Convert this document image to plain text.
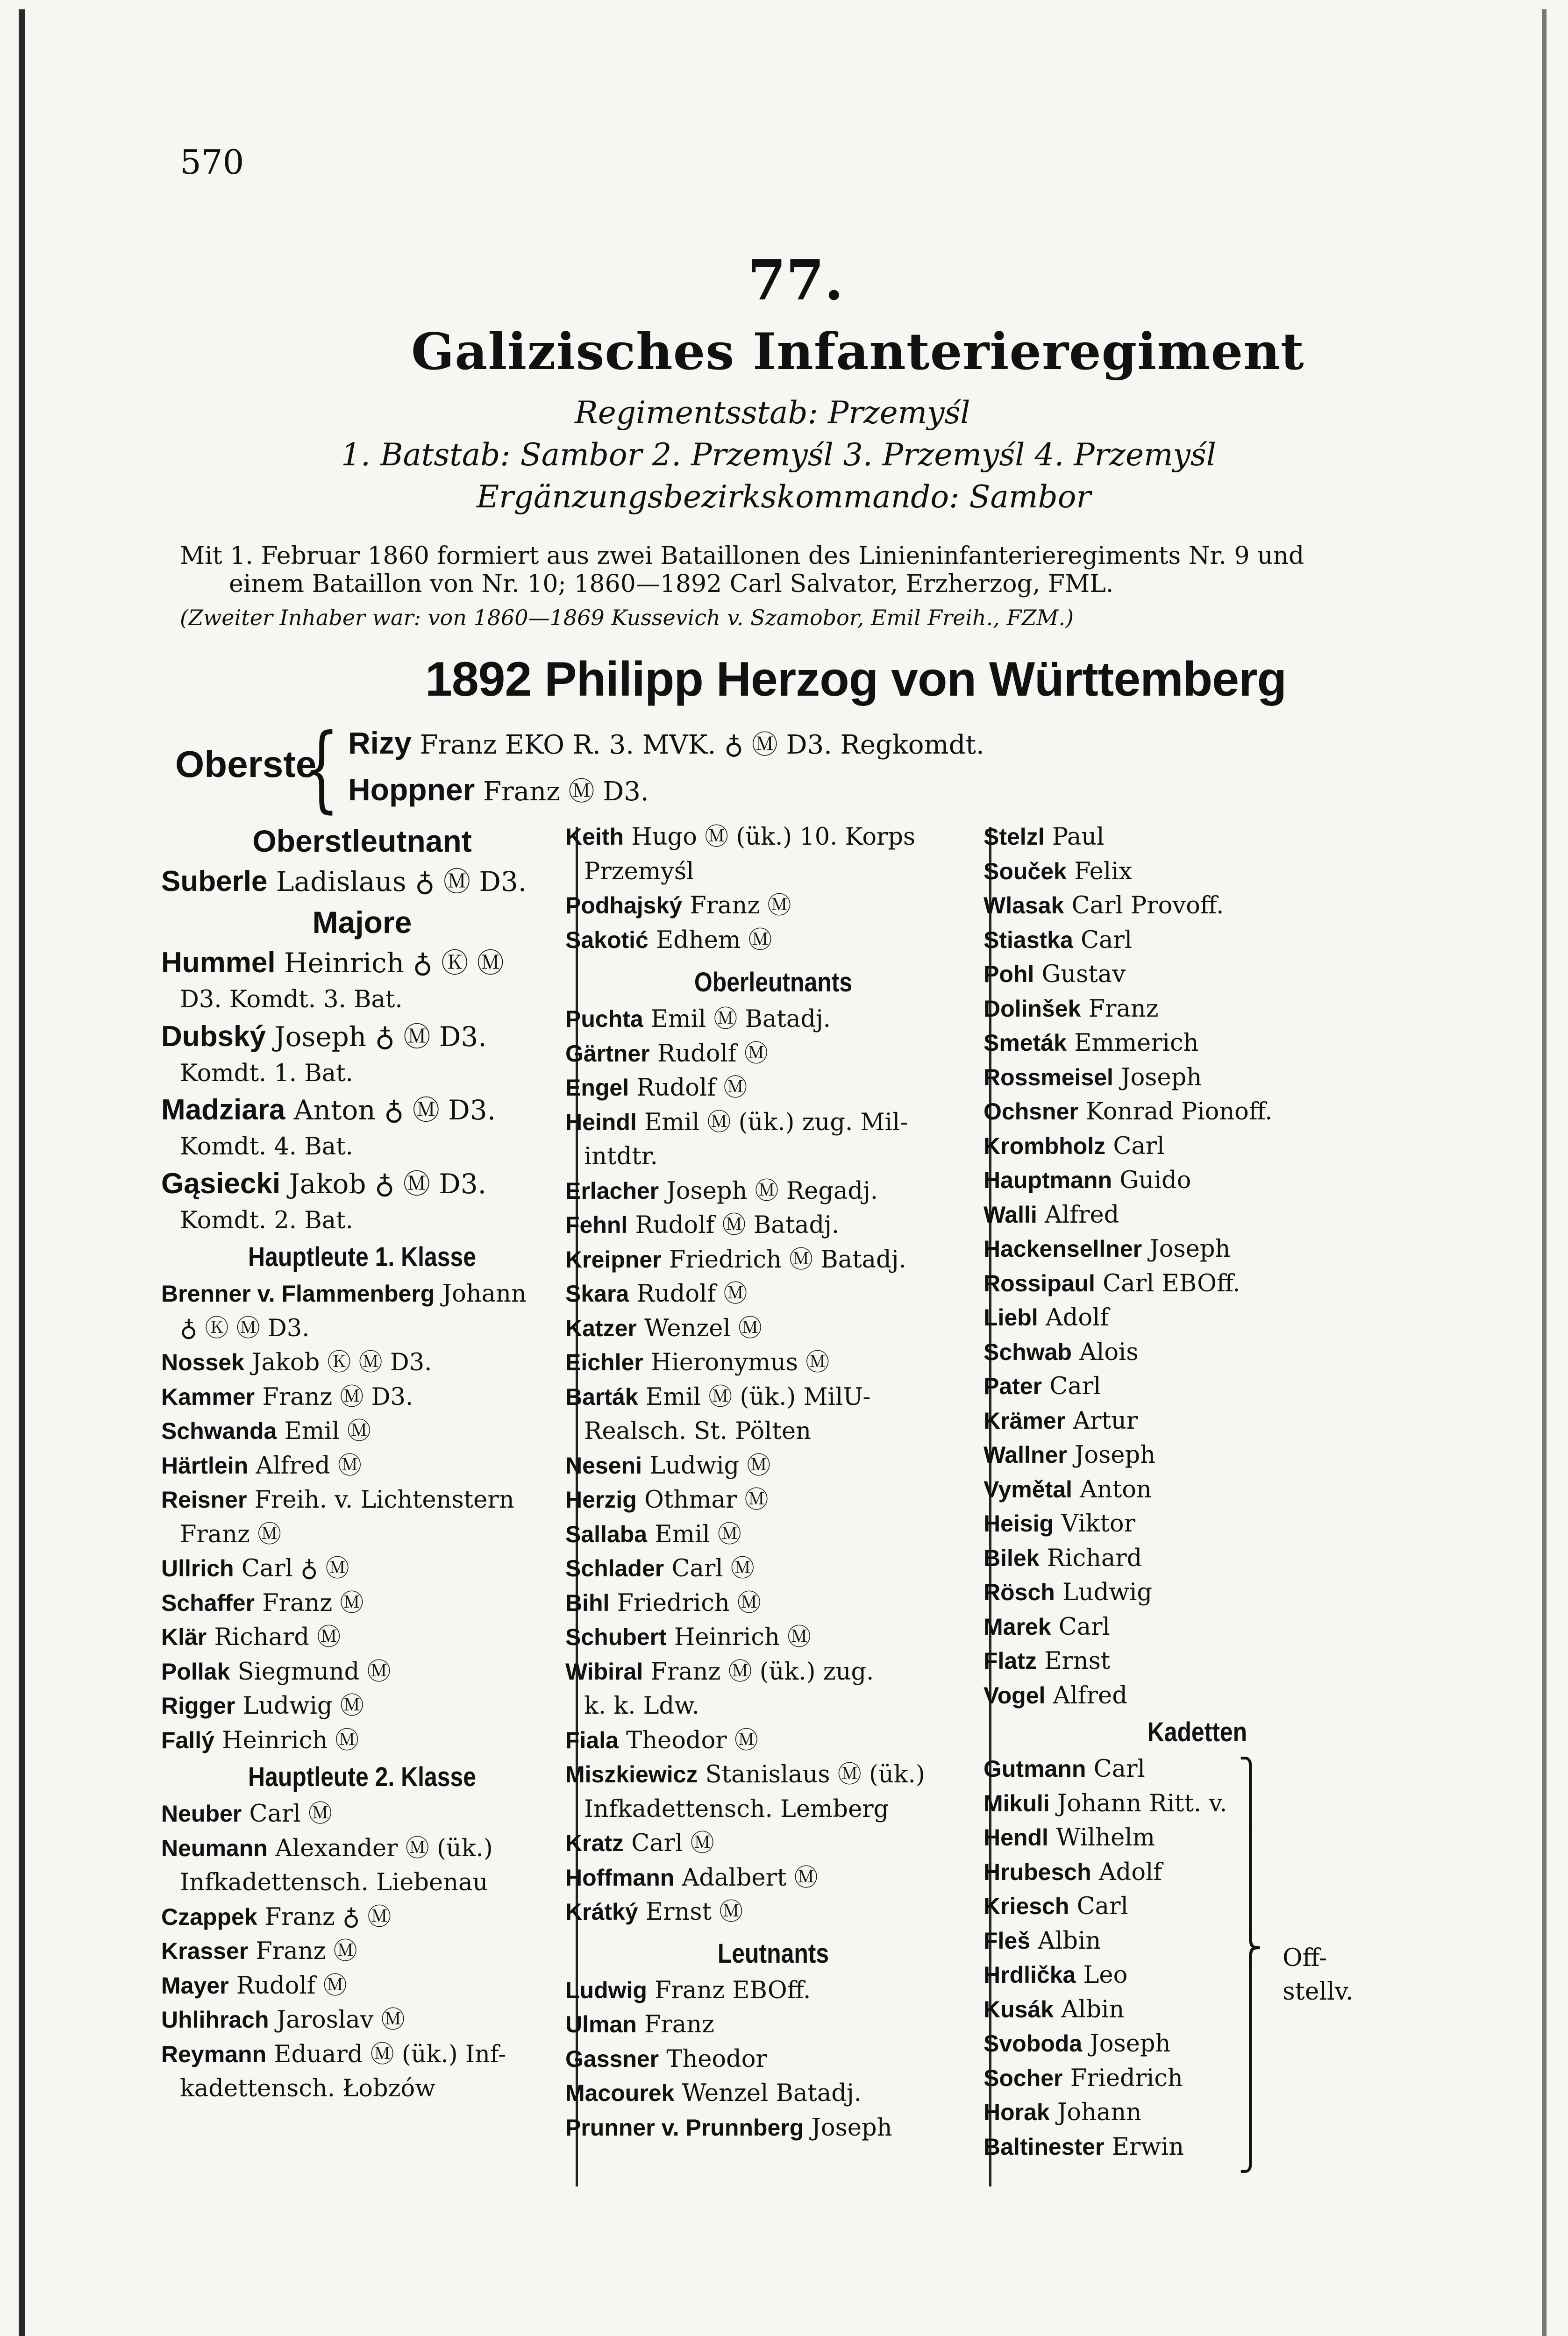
570
77.
Galizisches Infanterieregiment
Regimentsstab: Przemyśl
1. Batstab: Sambor 2. Przemyśl 3. Przemyśl 4. Przemyśl
Ergänzungsbezirkskommando: Sambor
Mit 1. Februar 1860 formiert aus zwei Bataillonen des Linieninfanterieregiments Nr. 9 und
einem Bataillon von Nr. 10; 1860—1892 Carl Salvator, Erzherzog, FML.
(Zweiter Inhaber war: von 1860—1869 Kussevich v. Szamobor, Emil Freih., FZM.)
1892 Philipp Herzog von Württemberg
Oberste
{ Rizy Franz EKO R. 3. MVK. ♁ Ⓜ D3. Regkomdt.
Hoppner Franz Ⓜ D3.
Oberstleutnant
Suberle Ladislaus ♁ Ⓜ D3.
Majore
Hummel Heinrich ♁ Ⓚ Ⓜ
D3. Komdt. 3. Bat.
Dubský Joseph ♁ Ⓜ D3.
Komdt. 1. Bat.
Madziara Anton ♁ Ⓜ D3.
Komdt. 4. Bat.
Gąsiecki Jakob ♁ Ⓜ D3.
Komdt. 2. Bat.
Hauptleute 1. Klasse
Brenner v. Flammenberg Johann
♁ Ⓚ Ⓜ D3.
Nossek Jakob Ⓚ Ⓜ D3.
Kammer Franz Ⓜ D3.
Schwanda Emil Ⓜ
Härtlein Alfred Ⓜ
Reisner Freih. v. Lichtenstern
Franz Ⓜ
Ullrich Carl ♁ Ⓜ
Schaffer Franz Ⓜ
Klär Richard Ⓜ
Pollak Siegmund Ⓜ
Rigger Ludwig Ⓜ
Fallý Heinrich Ⓜ
Hauptleute 2. Klasse
Neuber Carl Ⓜ
Neumann Alexander Ⓜ (ük.)
Infkadettensch. Liebenau
Czappek Franz ♁ Ⓜ
Krasser Franz Ⓜ
Mayer Rudolf Ⓜ
Uhlihrach Jaroslav Ⓜ
Reymann Eduard Ⓜ (ük.) Inf-
kadettensch. Łobzów
Keith Hugo Ⓜ (ük.) 10. Korps
Przemyśl
Podhajský Franz Ⓜ
Sakotić Edhem Ⓜ
Oberleutnants
Puchta Emil Ⓜ Batadj.
Gärtner Rudolf Ⓜ
Engel Rudolf Ⓜ
Heindl Emil Ⓜ (ük.) zug. Mil-
intdtr.
Erlacher Joseph Ⓜ Regadj.
Fehnl Rudolf Ⓜ Batadj.
Kreipner Friedrich Ⓜ Batadj.
Skara Rudolf Ⓜ
Katzer Wenzel Ⓜ
Eichler Hieronymus Ⓜ
Barták Emil Ⓜ (ük.) MilU-
Realsch. St. Pölten
Neseni Ludwig Ⓜ
Herzig Othmar Ⓜ
Sallaba Emil Ⓜ
Schlader Carl Ⓜ
Bihl Friedrich Ⓜ
Schubert Heinrich Ⓜ
Wibiral Franz Ⓜ (ük.) zug.
k. k. Ldw.
Fiala Theodor Ⓜ
Miszkiewicz Stanislaus Ⓜ (ük.)
Infkadettensch. Lemberg
Kratz Carl Ⓜ
Hoffmann Adalbert Ⓜ
Krátký Ernst Ⓜ
Leutnants
Ludwig Franz EBOff.
Ulman Franz
Gassner Theodor
Macourek Wenzel Batadj.
Prunner v. Prunnberg Joseph
Stelzl Paul
Souček Felix
Wlasak Carl Provoff.
Stiastka Carl
Pohl Gustav
Dolinšek Franz
Smeták Emmerich
Rossmeisel Joseph
Ochsner Konrad Pionoff.
Krombholz Carl
Hauptmann Guido
Walli Alfred
Hackensellner Joseph
Rossipaul Carl EBOff.
Liebl Adolf
Schwab Alois
Pater Carl
Krämer Artur
Wallner Joseph
Vymětal Anton
Heisig Viktor
Bilek Richard
Rösch Ludwig
Marek Carl
Flatz Ernst
Vogel Alfred
Kadetten
Gutmann Carl
Mikuli Johann Ritt. v.
Hendl Wilhelm
Hrubesch Adolf
Kriesch Carl
Fleš Albin
Hrdlička Leo
Kusák Albin
Svoboda Joseph
Socher Friedrich
Horak Johann
Baltinester Erwin
⎫
⎪
⎪
⎪
⎪
⎬
⎪
⎪
⎪
⎪
⎪
⎭
Off-stellv.
